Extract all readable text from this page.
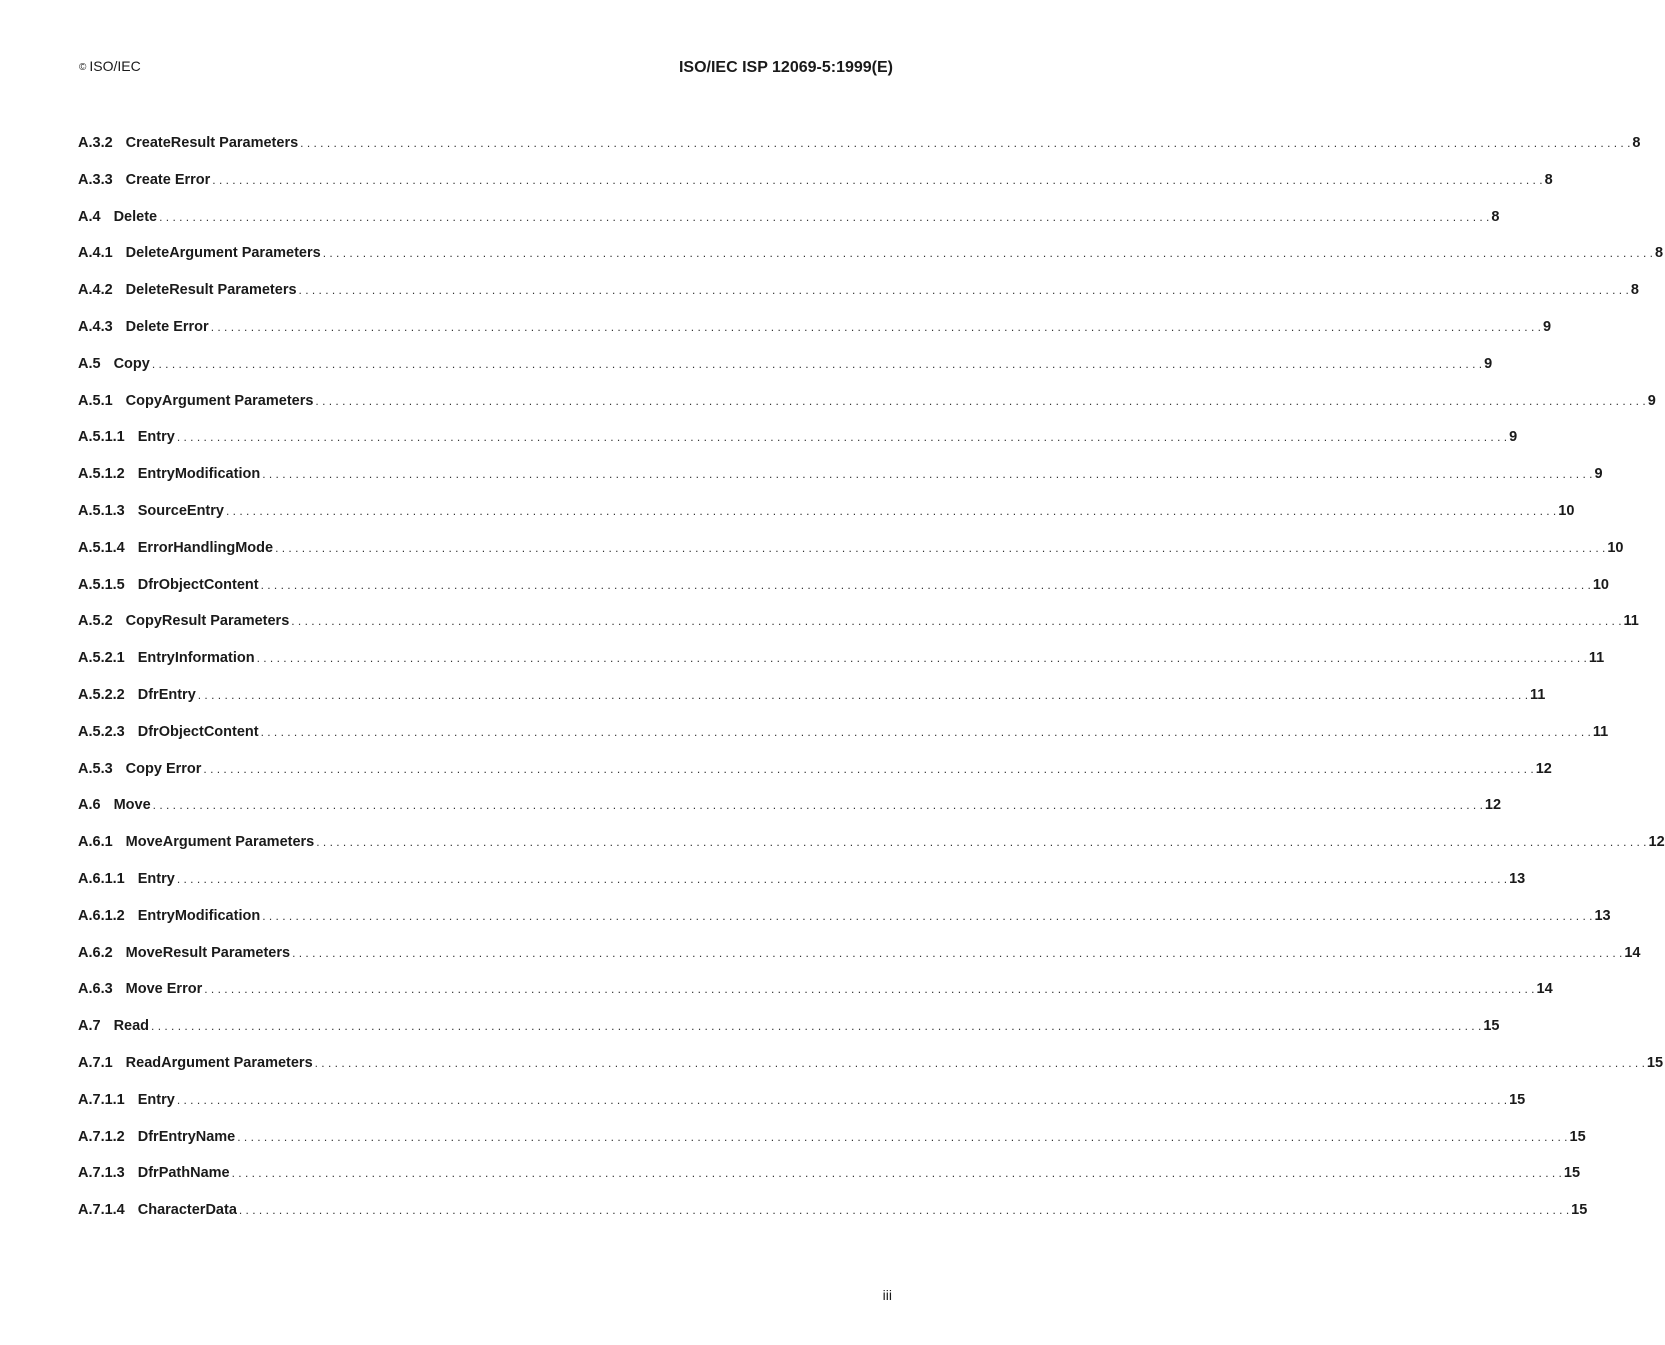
© ISO/IEC	ISO/IEC ISP 12069-5:1999(E)
A.3.2 CreateResult Parameters . . . . . . . . . . . . . . . . . . . . . . . . . . . . . . . . . . . . . . . . . . . . . . . . . . . . . . . . . . . . . . . . . . . . . . . . . . . . . . . . . . . . . . . . . . . . . . . . . . . . . . . . . . . . . . . . . . . . . . . . . . . . . . . . . . . . . . . . . . . . . . . . . . . . . . . . . . . . . . . . . . . . . . . . . . . . . . . . . . . . . . . . . . . . . . . . . . . . . . . . 8
A.3.3 Create Error . . . . . . . . . . . . . . . . . . . . . . . . . . . . . . . . . . . . . . . . . . . . . . . . . . . . . . . . . . . . . . . . . . . . . . . . . . . . . . . . . . . . . . . . . . . . . . . . . . . . . . . . . . . . . . . . . . . . . . . . . . . . . . . . . . . . . . . . . . . . . . . . . . . . . . . . . . . . . . . . . . . . . . . . . . . . . . . . . . . . . . . . . . . . . . . . . . . . . . . . 8
A.4 Delete . . . . . . . . . . . . . . . . . . . . . . . . . . . . . . . . . . . . . . . . . . . . . . . . . . . . . . . . . . . . . . . . . . . . . . . . . . . . . . . . . . . . . . . . . . . . . . . . . . . . . . . . . . . . . . . . . . . . . . . . . . . . . . . . . . . . . . . . . . . . . . . . . . . . . . . . . . . . . . . . . . . . . . . . . . . . . . . . . . . . . . . . . . . . . . . . . . . . . . . . 8
A.4.1 DeleteArgument Parameters . . . . . . . . . . . . . . . . . . . . . . . . . . . . . . . . . . . . . . . . . . . . . . . . . . . . . . . . . . . . . . . . . . . . . . . . . . . . . . . . . . . . . . . . . . . . . . . . . . . . . . . . . . . . . . . . . . . . . . . . . . . . . . . . . . . . . . . . . . . . . . . . . . . . . . . . . . . . . . . . . . . . . . . . . . . . . . . . . . . . . . . . . . . . . . . . . . . . . . . . 8
A.4.2 DeleteResult Parameters . . . . . . . . . . . . . . . . . . . . . . . . . . . . . . . . . . . . . . . . . . . . . . . . . . . . . . . . . . . . . . . . . . . . . . . . . . . . . . . . . . . . . . . . . . . . . . . . . . . . . . . . . . . . . . . . . . . . . . . . . . . . . . . . . . . . . . . . . . . . . . . . . . . . . . . . . . . . . . . . . . . . . . . . . . . . . . . . . . . . . . . . . . . . . . . . . . . . . . . . 8
A.4.3 Delete Error . . . . . . . . . . . . . . . . . . . . . . . . . . . . . . . . . . . . . . . . . . . . . . . . . . . . . . . . . . . . . . . . . . . . . . . . . . . . . . . . . . . . . . . . . . . . . . . . . . . . . . . . . . . . . . . . . . . . . . . . . . . . . . . . . . . . . . . . . . . . . . . . . . . . . . . . . . . . . . . . . . . . . . . . . . . . . . . . . . . . . . . . . . . . . . . . . . . . . . . . 9
A.5 Copy . . . . . . . . . . . . . . . . . . . . . . . . . . . . . . . . . . . . . . . . . . . . . . . . . . . . . . . . . . . . . . . . . . . . . . . . . . . . . . . . . . . . . . . . . . . . . . . . . . . . . . . . . . . . . . . . . . . . . . . . . . . . . . . . . . . . . . . . . . . . . . . . . . . . . . . . . . . . . . . . . . . . . . . . . . . . . . . . . . . . . . . . . . . . . . . . . . . . . . . . 9
A.5.1 CopyArgument Parameters . . . . . . . . . . . . . . . . . . . . . . . . . . . . . . . . . . . . . . . . . . . . . . . . . . . . . . . . . . . . . . . . . . . . . . . . . . . . . . . . . . . . . . . . . . . . . . . . . . . . . . . . . . . . . . . . . . . . . . . . . . . . . . . . . . . . . . . . . . . . . . . . . . . . . . . . . . . . . . . . . . . . . . . . . . . . . . . . . . . . . . . . . . . . . . . . . . . . . . . . 9
A.5.1.1 Entry . . . . . . . . . . . . . . . . . . . . . . . . . . . . . . . . . . . . . . . . . . . . . . . . . . . . . . . . . . . . . . . . . . . . . . . . . . . . . . . . . . . . . . . . . . . . . . . . . . . . . . . . . . . . . . . . . . . . . . . . . . . . . . . . . . . . . . . . . . . . . . . . . . . . . . . . . . . . . . . . . . . . . . . . . . . . . . . . . . . . . . . . . . . . . . . . . . . . . . . . 9
A.5.1.2 EntryModification . . . . . . . . . . . . . . . . . . . . . . . . . . . . . . . . . . . . . . . . . . . . . . . . . . . . . . . . . . . . . . . . . . . . . . . . . . . . . . . . . . . . . . . . . . . . . . . . . . . . . . . . . . . . . . . . . . . . . . . . . . . . . . . . . . . . . . . . . . . . . . . . . . . . . . . . . . . . . . . . . . . . . . . . . . . . . . . . . . . . . . . . . . . . . . . . . . . . . . . . 9
A.5.1.3 SourceEntry . . . . . . . . . . . . . . . . . . . . . . . . . . . . . . . . . . . . . . . . . . . . . . . . . . . . . . . . . . . . . . . . . . . . . . . . . . . . . . . . . . . . . . . . . . . . . . . . . . . . . . . . . . . . . . . . . . . . . . . . . . . . . . . . . . . . . . . . . . . . . . . . . . . . . . . . . . . . . . . . . . . . . . . . . . . . . . . . . . . . . . . . . . . . . . . . . . . . . . . . 10
A.5.1.4 ErrorHandlingMode . . . . . . . . . . . . . . . . . . . . . . . . . . . . . . . . . . . . . . . . . . . . . . . . . . . . . . . . . . . . . . . . . . . . . . . . . . . . . . . . . . . . . . . . . . . . . . . . . . . . . . . . . . . . . . . . . . . . . . . . . . . . . . . . . . . . . . . . . . . . . . . . . . . . . . . . . . . . . . . . . . . . . . . . . . . . . . . . . . . . . . . . . . . . . . . . . . . . . . . . 10
A.5.1.5 DfrObjectContent . . . . . . . . . . . . . . . . . . . . . . . . . . . . . . . . . . . . . . . . . . . . . . . . . . . . . . . . . . . . . . . . . . . . . . . . . . . . . . . . . . . . . . . . . . . . . . . . . . . . . . . . . . . . . . . . . . . . . . . . . . . . . . . . . . . . . . . . . . . . . . . . . . . . . . . . . . . . . . . . . . . . . . . . . . . . . . . . . . . . . . . . . . . . . . . . . . . . . . . . 10
A.5.2 CopyResult Parameters . . . . . . . . . . . . . . . . . . . . . . . . . . . . . . . . . . . . . . . . . . . . . . . . . . . . . . . . . . . . . . . . . . . . . . . . . . . . . . . . . . . . . . . . . . . . . . . . . . . . . . . . . . . . . . . . . . . . . . . . . . . . . . . . . . . . . . . . . . . . . . . . . . . . . . . . . . . . . . . . . . . . . . . . . . . . . . . . . . . . . . . . . . . . . . . . . . . . . . . . 11
A.5.2.1 EntryInformation . . . . . . . . . . . . . . . . . . . . . . . . . . . . . . . . . . . . . . . . . . . . . . . . . . . . . . . . . . . . . . . . . . . . . . . . . . . . . . . . . . . . . . . . . . . . . . . . . . . . . . . . . . . . . . . . . . . . . . . . . . . . . . . . . . . . . . . . . . . . . . . . . . . . . . . . . . . . . . . . . . . . . . . . . . . . . . . . . . . . . . . . . . . . . . . . . . . . . . . . 11
A.5.2.2 DfrEntry . . . . . . . . . . . . . . . . . . . . . . . . . . . . . . . . . . . . . . . . . . . . . . . . . . . . . . . . . . . . . . . . . . . . . . . . . . . . . . . . . . . . . . . . . . . . . . . . . . . . . . . . . . . . . . . . . . . . . . . . . . . . . . . . . . . . . . . . . . . . . . . . . . . . . . . . . . . . . . . . . . . . . . . . . . . . . . . . . . . . . . . . . . . . . . . . . . . . . . . . 11
A.5.2.3 DfrObjectContent . . . . . . . . . . . . . . . . . . . . . . . . . . . . . . . . . . . . . . . . . . . . . . . . . . . . . . . . . . . . . . . . . . . . . . . . . . . . . . . . . . . . . . . . . . . . . . . . . . . . . . . . . . . . . . . . . . . . . . . . . . . . . . . . . . . . . . . . . . . . . . . . . . . . . . . . . . . . . . . . . . . . . . . . . . . . . . . . . . . . . . . . . . . . . . . . . . . . . . . . 11
A.5.3 Copy Error . . . . . . . . . . . . . . . . . . . . . . . . . . . . . . . . . . . . . . . . . . . . . . . . . . . . . . . . . . . . . . . . . . . . . . . . . . . . . . . . . . . . . . . . . . . . . . . . . . . . . . . . . . . . . . . . . . . . . . . . . . . . . . . . . . . . . . . . . . . . . . . . . . . . . . . . . . . . . . . . . . . . . . . . . . . . . . . . . . . . . . . . . . . . . . . . . . . . . . . . 12
A.6 Move . . . . . . . . . . . . . . . . . . . . . . . . . . . . . . . . . . . . . . . . . . . . . . . . . . . . . . . . . . . . . . . . . . . . . . . . . . . . . . . . . . . . . . . . . . . . . . . . . . . . . . . . . . . . . . . . . . . . . . . . . . . . . . . . . . . . . . . . . . . . . . . . . . . . . . . . . . . . . . . . . . . . . . . . . . . . . . . . . . . . . . . . . . . . . . . . . . . . . . . . 12
A.6.1 MoveArgument Parameters . . . . . . . . . . . . . . . . . . . . . . . . . . . . . . . . . . . . . . . . . . . . . . . . . . . . . . . . . . . . . . . . . . . . . . . . . . . . . . . . . . . . . . . . . . . . . . . . . . . . . . . . . . . . . . . . . . . . . . . . . . . . . . . . . . . . . . . . . . . . . . . . . . . . . . . . . . . . . . . . . . . . . . . . . . . . . . . . . . . . . . . . . . . . . . . . . . . . . . . . 12
A.6.1.1 Entry . . . . . . . . . . . . . . . . . . . . . . . . . . . . . . . . . . . . . . . . . . . . . . . . . . . . . . . . . . . . . . . . . . . . . . . . . . . . . . . . . . . . . . . . . . . . . . . . . . . . . . . . . . . . . . . . . . . . . . . . . . . . . . . . . . . . . . . . . . . . . . . . . . . . . . . . . . . . . . . . . . . . . . . . . . . . . . . . . . . . . . . . . . . . . . . . . . . . . . . . 13
A.6.1.2 EntryModification . . . . . . . . . . . . . . . . . . . . . . . . . . . . . . . . . . . . . . . . . . . . . . . . . . . . . . . . . . . . . . . . . . . . . . . . . . . . . . . . . . . . . . . . . . . . . . . . . . . . . . . . . . . . . . . . . . . . . . . . . . . . . . . . . . . . . . . . . . . . . . . . . . . . . . . . . . . . . . . . . . . . . . . . . . . . . . . . . . . . . . . . . . . . . . . . . . . . . . . . 13
A.6.2 MoveResult Parameters . . . . . . . . . . . . . . . . . . . . . . . . . . . . . . . . . . . . . . . . . . . . . . . . . . . . . . . . . . . . . . . . . . . . . . . . . . . . . . . . . . . . . . . . . . . . . . . . . . . . . . . . . . . . . . . . . . . . . . . . . . . . . . . . . . . . . . . . . . . . . . . . . . . . . . . . . . . . . . . . . . . . . . . . . . . . . . . . . . . . . . . . . . . . . . . . . . . . . . . . 14
A.6.3 Move Error . . . . . . . . . . . . . . . . . . . . . . . . . . . . . . . . . . . . . . . . . . . . . . . . . . . . . . . . . . . . . . . . . . . . . . . . . . . . . . . . . . . . . . . . . . . . . . . . . . . . . . . . . . . . . . . . . . . . . . . . . . . . . . . . . . . . . . . . . . . . . . . . . . . . . . . . . . . . . . . . . . . . . . . . . . . . . . . . . . . . . . . . . . . . . . . . . . . . . . . . 14
A.7 Read . . . . . . . . . . . . . . . . . . . . . . . . . . . . . . . . . . . . . . . . . . . . . . . . . . . . . . . . . . . . . . . . . . . . . . . . . . . . . . . . . . . . . . . . . . . . . . . . . . . . . . . . . . . . . . . . . . . . . . . . . . . . . . . . . . . . . . . . . . . . . . . . . . . . . . . . . . . . . . . . . . . . . . . . . . . . . . . . . . . . . . . . . . . . . . . . . . . . . . . . 15
A.7.1 ReadArgument Parameters . . . . . . . . . . . . . . . . . . . . . . . . . . . . . . . . . . . . . . . . . . . . . . . . . . . . . . . . . . . . . . . . . . . . . . . . . . . . . . . . . . . . . . . . . . . . . . . . . . . . . . . . . . . . . . . . . . . . . . . . . . . . . . . . . . . . . . . . . . . . . . . . . . . . . . . . . . . . . . . . . . . . . . . . . . . . . . . . . . . . . . . . . . . . . . . . . . . . . . . . 15
A.7.1.1 Entry . . . . . . . . . . . . . . . . . . . . . . . . . . . . . . . . . . . . . . . . . . . . . . . . . . . . . . . . . . . . . . . . . . . . . . . . . . . . . . . . . . . . . . . . . . . . . . . . . . . . . . . . . . . . . . . . . . . . . . . . . . . . . . . . . . . . . . . . . . . . . . . . . . . . . . . . . . . . . . . . . . . . . . . . . . . . . . . . . . . . . . . . . . . . . . . . . . . . . . . . 15
A.7.1.2 DfrEntryName . . . . . . . . . . . . . . . . . . . . . . . . . . . . . . . . . . . . . . . . . . . . . . . . . . . . . . . . . . . . . . . . . . . . . . . . . . . . . . . . . . . . . . . . . . . . . . . . . . . . . . . . . . . . . . . . . . . . . . . . . . . . . . . . . . . . . . . . . . . . . . . . . . . . . . . . . . . . . . . . . . . . . . . . . . . . . . . . . . . . . . . . . . . . . . . . . . . . . . . . 15
A.7.1.3 DfrPathName . . . . . . . . . . . . . . . . . . . . . . . . . . . . . . . . . . . . . . . . . . . . . . . . . . . . . . . . . . . . . . . . . . . . . . . . . . . . . . . . . . . . . . . . . . . . . . . . . . . . . . . . . . . . . . . . . . . . . . . . . . . . . . . . . . . . . . . . . . . . . . . . . . . . . . . . . . . . . . . . . . . . . . . . . . . . . . . . . . . . . . . . . . . . . . . . . . . . . . . . 15
A.7.1.4 CharacterData . . . . . . . . . . . . . . . . . . . . . . . . . . . . . . . . . . . . . . . . . . . . . . . . . . . . . . . . . . . . . . . . . . . . . . . . . . . . . . . . . . . . . . . . . . . . . . . . . . . . . . . . . . . . . . . . . . . . . . . . . . . . . . . . . . . . . . . . . . . . . . . . . . . . . . . . . . . . . . . . . . . . . . . . . . . . . . . . . . . . . . . . . . . . . . . . . . . . . . . . 15
iii
